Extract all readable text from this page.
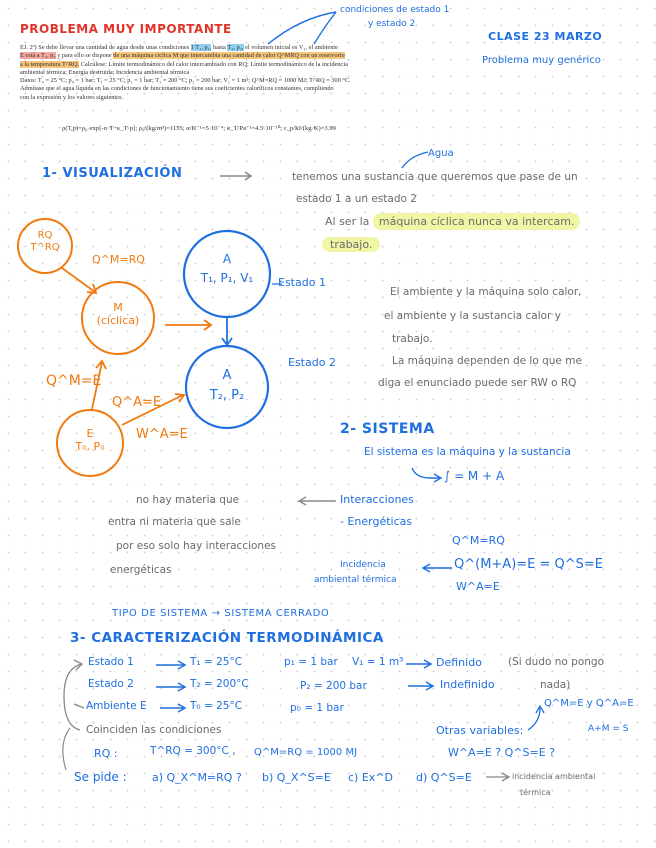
PROBLEMA MUY IMPORTANTE
condiciones de estado 1
y estado 2
CLASE 23 MARZO
Problema muy genérico
EJ. 2º) Se debe llevar una cantidad de agua desde unas condiciones 1 T₁, p₁, hasta T₂, p₂, el volumen inicial es V₁, el ambiente
E está a T₀, p₀ y para ello se dispone de una máquina cíclica M que intercambia una cantidad de calor Q^MRQ con un reservorio
a la temperatura T^RQ. Calcúlese: Límite termodinámico del calor intercambiado con RQ; Límite termodinámico de la incidencia
ambiental térmica; Energía destruida; Incidencia ambiental térmica
Datos: T₀ = 25 °C; p₀ = 1 bar; T₁ = 25 °C; p₁ = 1 bar; T₂ = 200 °C; p₂ = 200 bar; V₁ = 1 m³; Q^M=RQ = 1000 MJ; T^RQ = 300 °C.
Admítase que el agua líquida en las condiciones de funcionamiento tiene sus coeficientes caloríficos constantes, cumpliendo
con la expresión y los valores siguientes.
ρ(T,p)=ρ₀·exp[-α·T+κ_T·p]; ρ₀/(kg/m³)=1155; α/K⁻¹=5·10⁻⁴; κ_T/Pa⁻¹=4.5·10⁻¹⁰; c_p/kJ/(kg·K)=3.99
1- VISUALIZACIÓN
Agua
tenemos una sustancia que queremos que pase de un
estado 1 a un estado 2
Al ser la máquina cíclica nunca va intercam.
trabajo.
El ambiente y la máquina solo calor,
el ambiente y la sustancia calor y
trabajo.
La máquina dependen de lo que me
diga el enunciado puede ser RW o RQ
RQ
T^RQ
Q^M=RQ
M
(cíclica)
E
T₀, P₀
Q^M=E
Q^A=E
W^A=E
A
T₁, P₁, V₁	Estado 1
A
T₂, P₂
Estado 2
2- SISTEMA
El sistema es la máquina y la sustancia
∫ = M + A
no hay materia que
entra ni materia que sale
por eso solo hay interacciones
energéticas
Interacciones
- Energéticas
Q^M=RQ
Incidencia
ambiental térmica
Q^(M+A)=E = Q^S=E
W^A=E
TIPO DE SISTEMA → SISTEMA CERRADO
3- CARACTERIZACIÓN TERMODINÁMICA
Estado 1	T₁ = 25°C	p₁ = 1 bar V₁ = 1 m³	Definido (Si dudo no pongo
Estado 2	T₂ = 200°C	P₂ = 200 bar	Indefinido	nada)
Ambiente E	T₀ = 25°C	p₀ = 1 bar
Coinciden las condiciones
RQ :	T^RQ = 300°C , Q^M=RQ = 1000 MJ
Otras variables:
Q^M=E y Q^A=E
A+M = S
W^A=E ? Q^S=E ?
Se pide : a) Q_X^M=RQ ? b) Q_X^S=E c) Ex^D d) Q^S=E	incidencia ambiental
térmica
